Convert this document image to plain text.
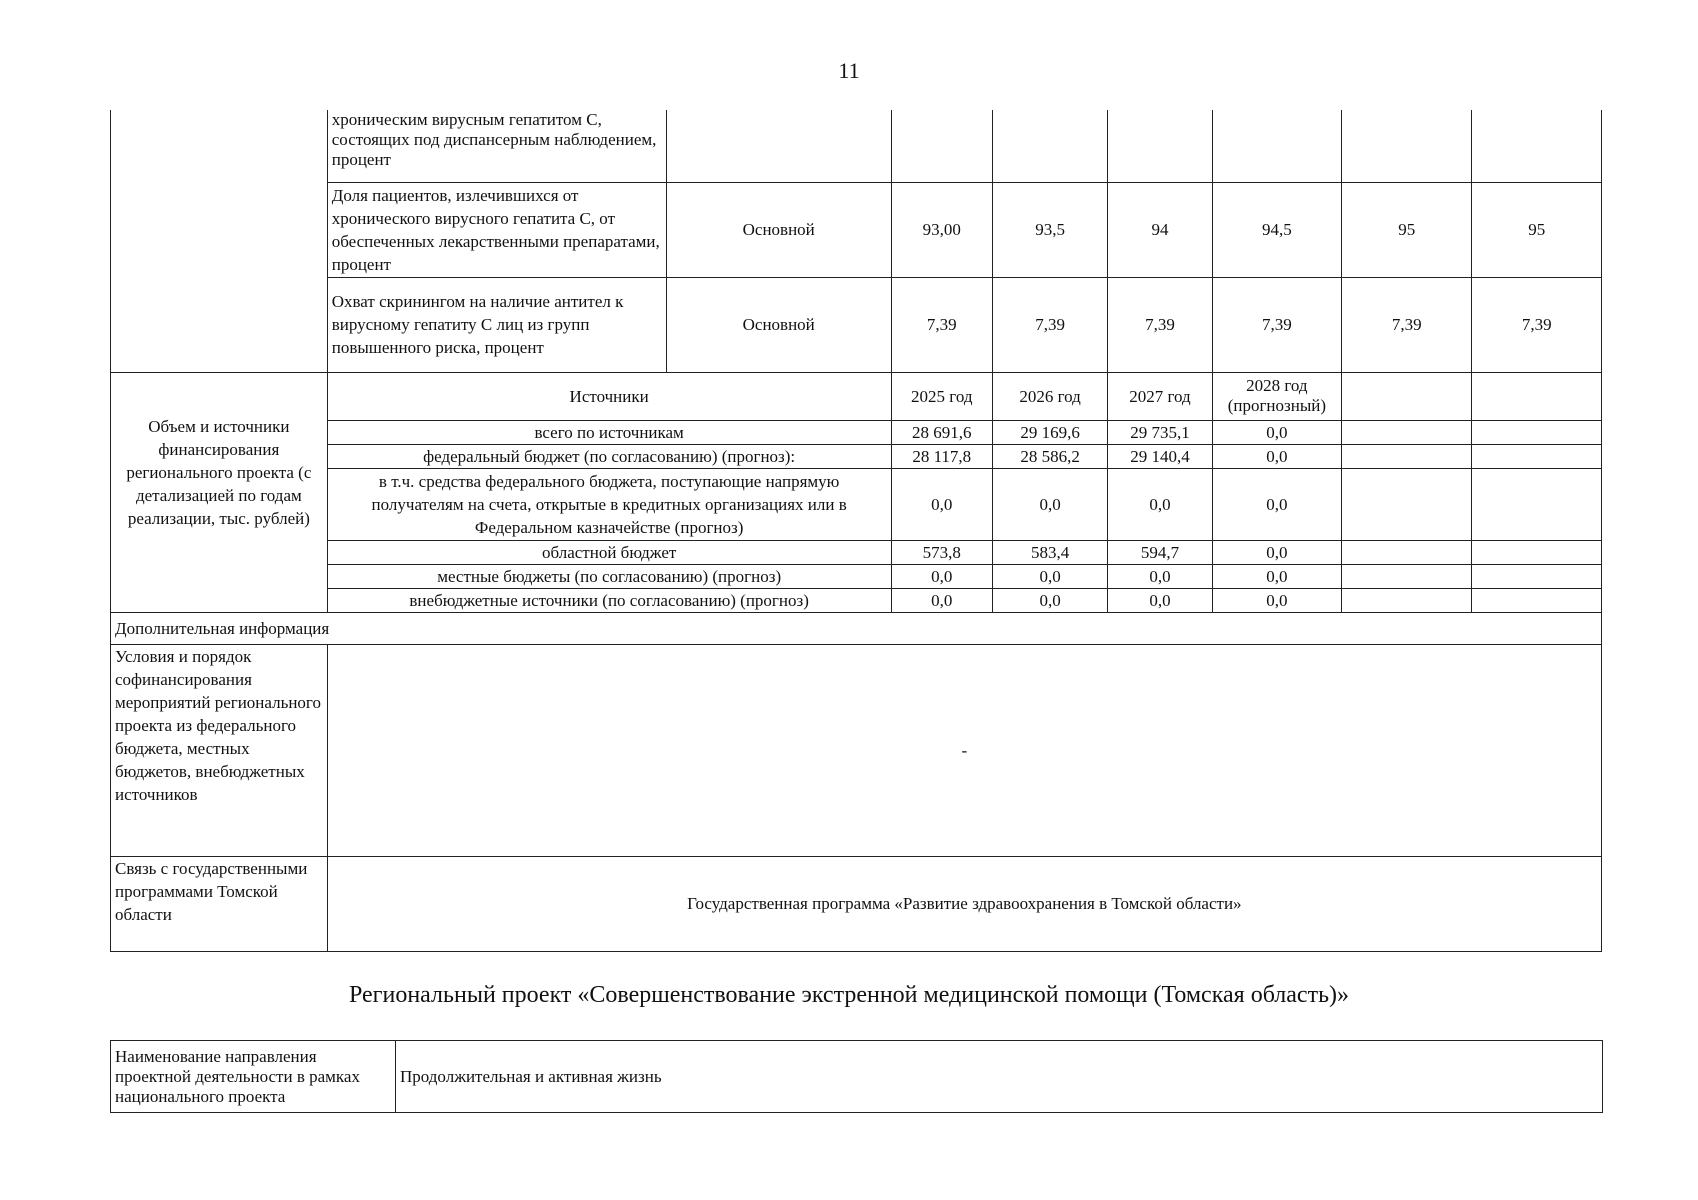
11
	хроническим вирусным гепатитом С, состоящих под диспансерным наблюдением, процент							
	Доля пациентов, излечившихся от хронического вирусного гепатита С, от обеспеченных лекарственными препаратами, процент	Основной	93,00	93,5	94	94,5	95	95
	Охват скринингом на наличие антител к вирусному гепатиту С лиц из групп повышенного риска, процент	Основной	7,39	7,39	7,39	7,39	7,39	7,39
Объем и источники финансирования регионального проекта (с детализацией по годам реализации, тыс. рублей)	Источники		2025 год	2026 год	2027 год	2028 год (прогнозный)		
	всего по источникам		28 691,6	29 169,6	29 735,1	0,0		
	федеральный бюджет (по согласованию) (прогноз):		28 117,8	28 586,2	29 140,4	0,0		
	в т.ч. средства федерального бюджета, поступающие напрямую получателям на счета, открытые в кредитных организациях или в Федеральном казначействе (прогноз)		0,0	0,0	0,0	0,0		
	областной бюджет		573,8	583,4	594,7	0,0		
	местные бюджеты (по согласованию) (прогноз)		0,0	0,0	0,0	0,0		
	внебюджетные источники (по согласованию) (прогноз)		0,0	0,0	0,0	0,0		
Дополнительная информация								
Условия и порядок софинансирования мероприятий регионального проекта из федерального бюджета, местных бюджетов, внебюджетных источников	-							
Связь с государственными программами Томской области	Государственная программа «Развитие здравоохранения в Томской области»							
Региональный проект «Совершенствование экстренной медицинской помощи (Томская область)»
Наименование направления проектной деятельности в рамках национального проекта	Продолжительная и активная жизнь
